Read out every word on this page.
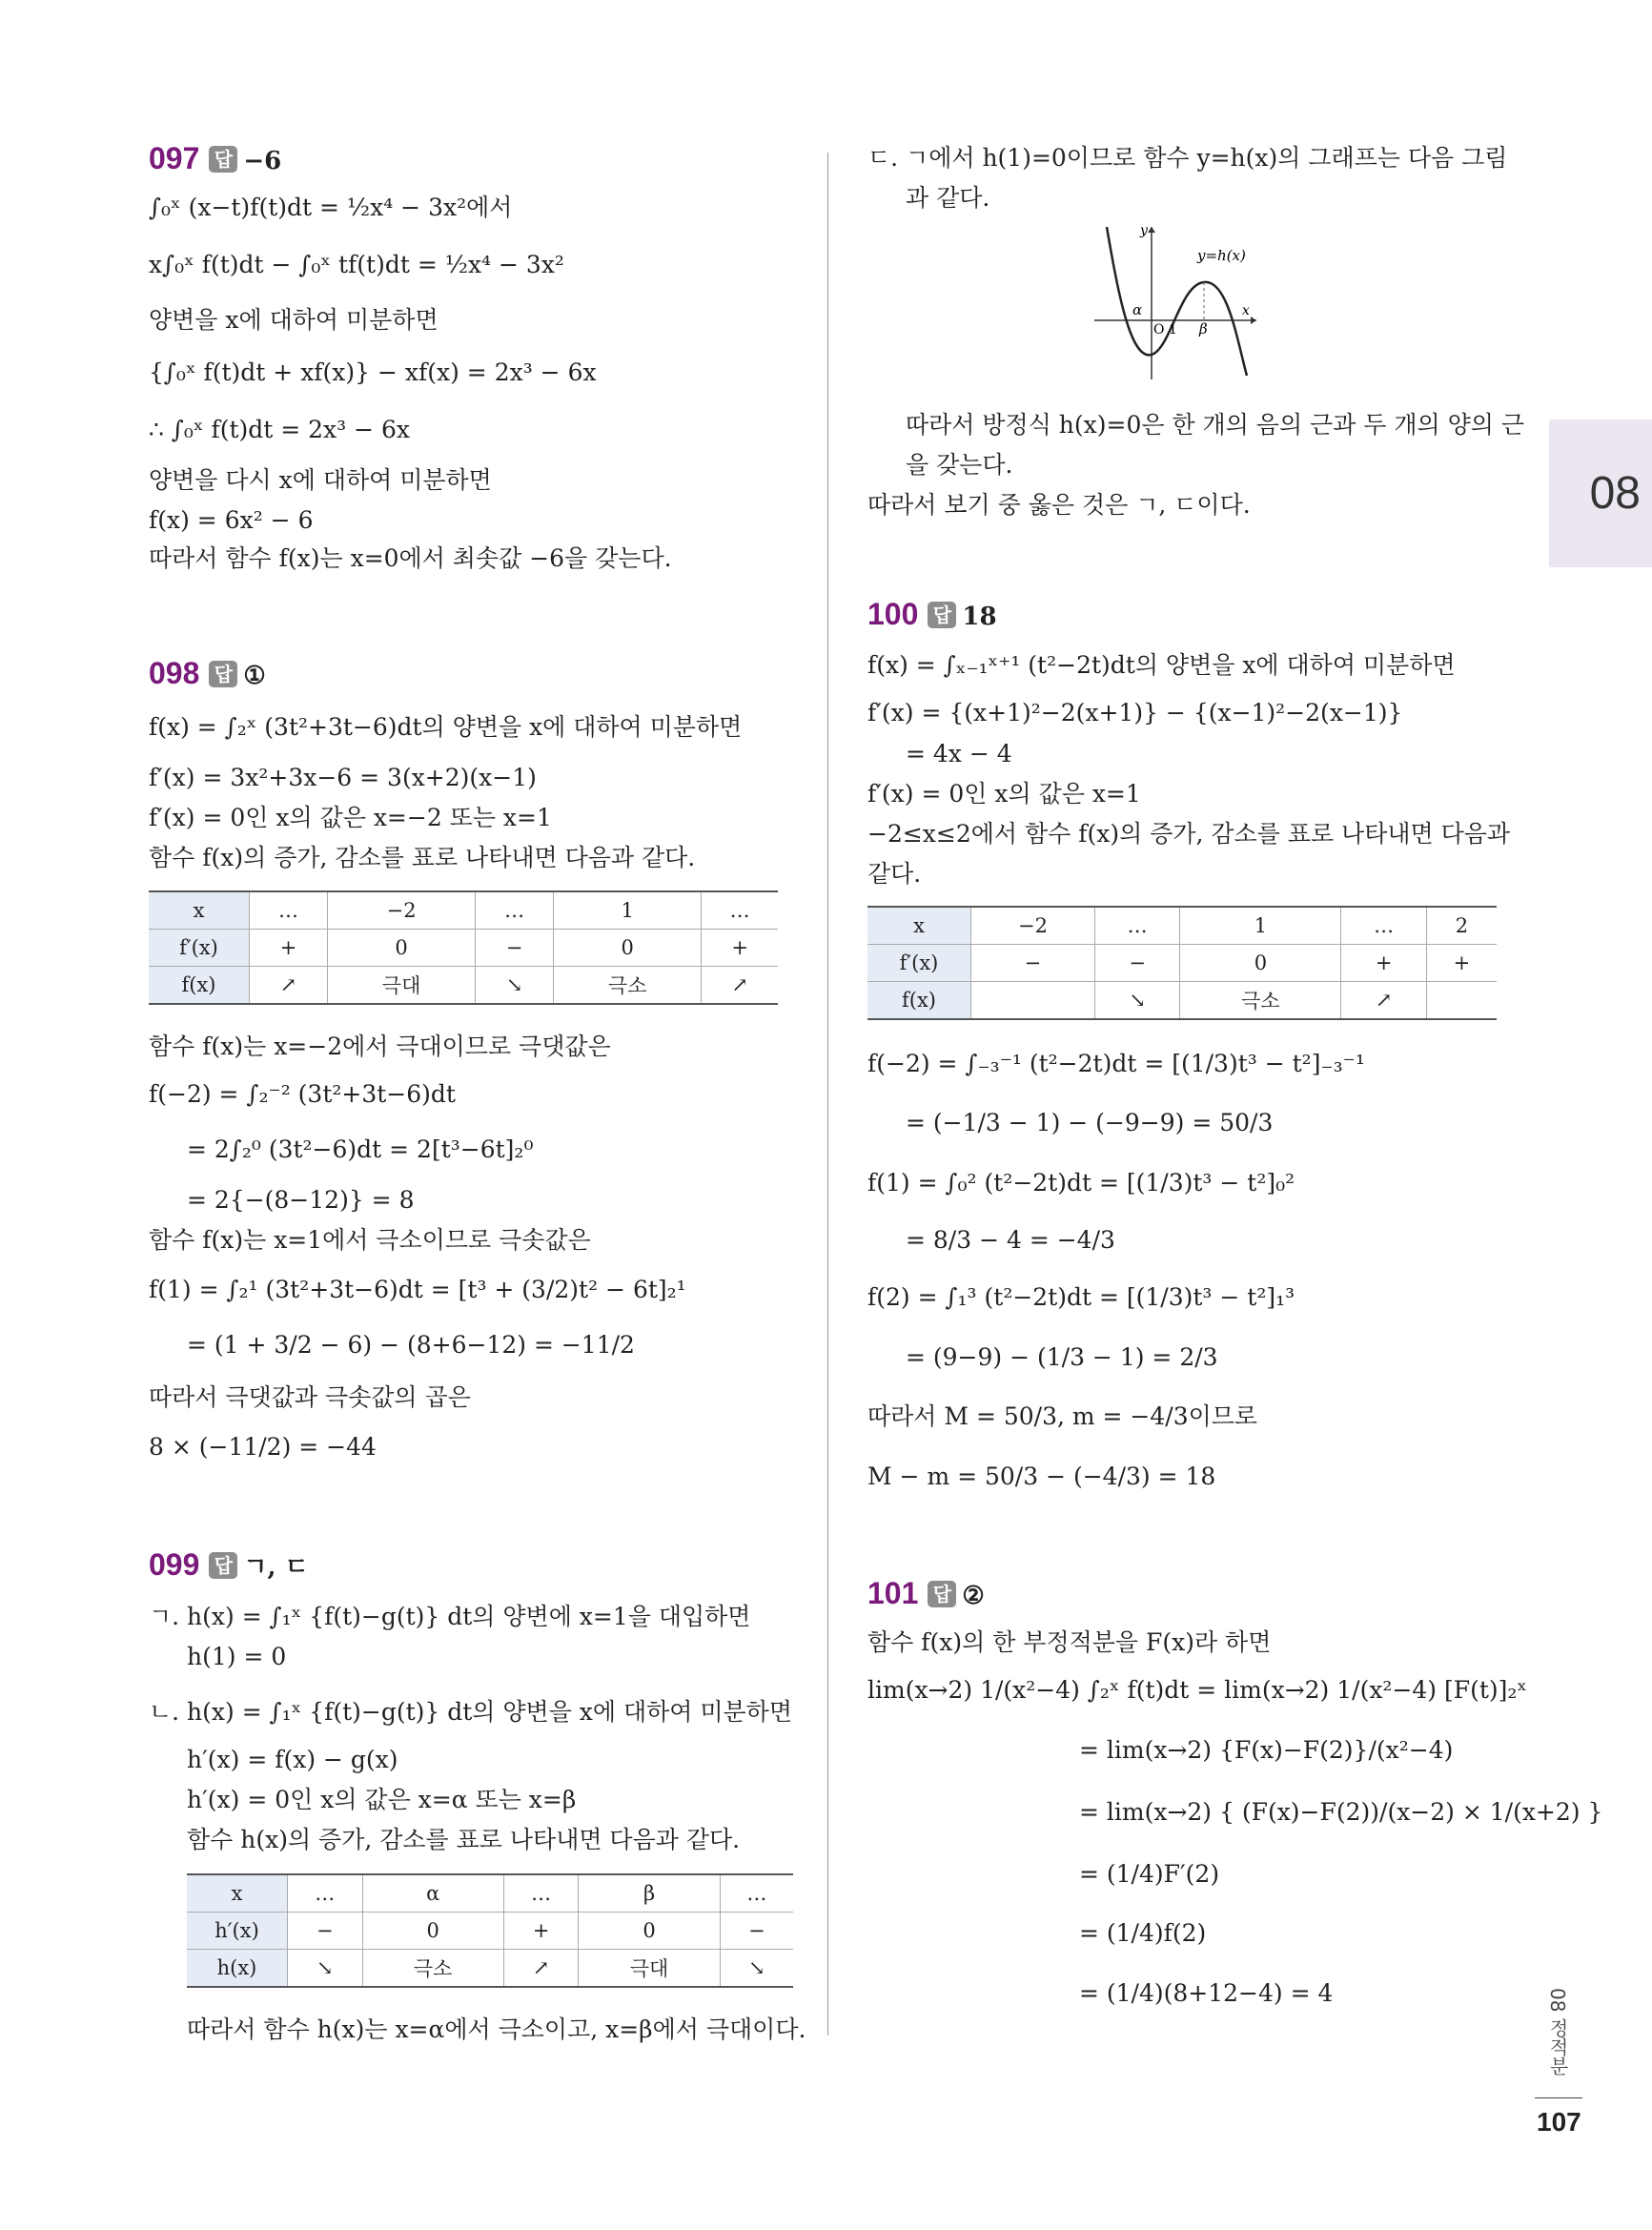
097 답 −6
∫₀ˣ (x−t)f(t)dt = ½x⁴ − 3x²에서
x∫₀ˣ f(t)dt − ∫₀ˣ tf(t)dt = ½x⁴ − 3x²
양변을 x에 대하여 미분하면
{∫₀ˣ f(t)dt + xf(x)} − xf(x) = 2x³ − 6x
∴ ∫₀ˣ f(t)dt = 2x³ − 6x
양변을 다시 x에 대하여 미분하면
f(x) = 6x² − 6
따라서 함수 f(x)는 x=0에서 최솟값 −6을 갖는다.
098 답 ①
f(x) = ∫₂ˣ (3t²+3t−6)dt의 양변을 x에 대하여 미분하면
f′(x) = 3x²+3x−6 = 3(x+2)(x−1)
f′(x) = 0인 x의 값은 x=−2 또는 x=1
함수 f(x)의 증가, 감소를 표로 나타내면 다음과 같다.
x	…	−2	…	1	…
f′(x)	+	0	−	0	+
f(x)	↗	극대	↘	극소	↗
함수 f(x)는 x=−2에서 극대이므로 극댓값은
f(−2) = ∫₂⁻² (3t²+3t−6)dt
= 2∫₂⁰ (3t²−6)dt = 2[t³−6t]₂⁰
= 2{−(8−12)} = 8
함수 f(x)는 x=1에서 극소이므로 극솟값은
f(1) = ∫₂¹ (3t²+3t−6)dt = [t³ + (3/2)t² − 6t]₂¹
= (1 + 3/2 − 6) − (8+6−12) = −11/2
따라서 극댓값과 극솟값의 곱은
8 × (−11/2) = −44
099 답 ㄱ, ㄷ
ㄱ. h(x) = ∫₁ˣ {f(t)−g(t)} dt의 양변에 x=1을 대입하면
h(1) = 0
ㄴ. h(x) = ∫₁ˣ {f(t)−g(t)} dt의 양변을 x에 대하여 미분하면
h′(x) = f(x) − g(x)
h′(x) = 0인 x의 값은 x=α 또는 x=β
함수 h(x)의 증가, 감소를 표로 나타내면 다음과 같다.
x	…	α	…	β	…
h′(x)	−	0	+	0	−
h(x)	↘	극소	↗	극대	↘
따라서 함수 h(x)는 x=α에서 극소이고, x=β에서 극대이다.
ㄷ. ㄱ에서 h(1)=0이므로 함수 y=h(x)의 그래프는 다음 그림
과 같다.
y
x
y=h(x)
α
O 1 β
따라서 방정식 h(x)=0은 한 개의 음의 근과 두 개의 양의 근
을 갖는다.
따라서 보기 중 옳은 것은 ㄱ, ㄷ이다.
100 답 18
f(x) = ∫ₓ₋₁ˣ⁺¹ (t²−2t)dt의 양변을 x에 대하여 미분하면
f′(x) = {(x+1)²−2(x+1)} − {(x−1)²−2(x−1)}
= 4x − 4
f′(x) = 0인 x의 값은 x=1
−2≤x≤2에서 함수 f(x)의 증가, 감소를 표로 나타내면 다음과
같다.
x	−2	…	1	…	2
f′(x)	−	−	0	+	+
f(x)		↘	극소	↗	
f(−2) = ∫₋₃⁻¹ (t²−2t)dt = [(1/3)t³ − t²]₋₃⁻¹
= (−1/3 − 1) − (−9−9) = 50/3
f(1) = ∫₀² (t²−2t)dt = [(1/3)t³ − t²]₀²
= 8/3 − 4 = −4/3
f(2) = ∫₁³ (t²−2t)dt = [(1/3)t³ − t²]₁³
= (9−9) − (1/3 − 1) = 2/3
따라서 M = 50/3, m = −4/3이므로
M − m = 50/3 − (−4/3) = 18
101 답 ②
함수 f(x)의 한 부정적분을 F(x)라 하면
lim(x→2) 1/(x²−4) ∫₂ˣ f(t)dt = lim(x→2) 1/(x²−4) [F(t)]₂ˣ
= lim(x→2) {F(x)−F(2)}/(x²−4)
= lim(x→2) { (F(x)−F(2))/(x−2) × 1/(x+2) }
= (1/4)F′(2)
= (1/4)f(2)
= (1/4)(8+12−4) = 4
08
08 정적분
107
